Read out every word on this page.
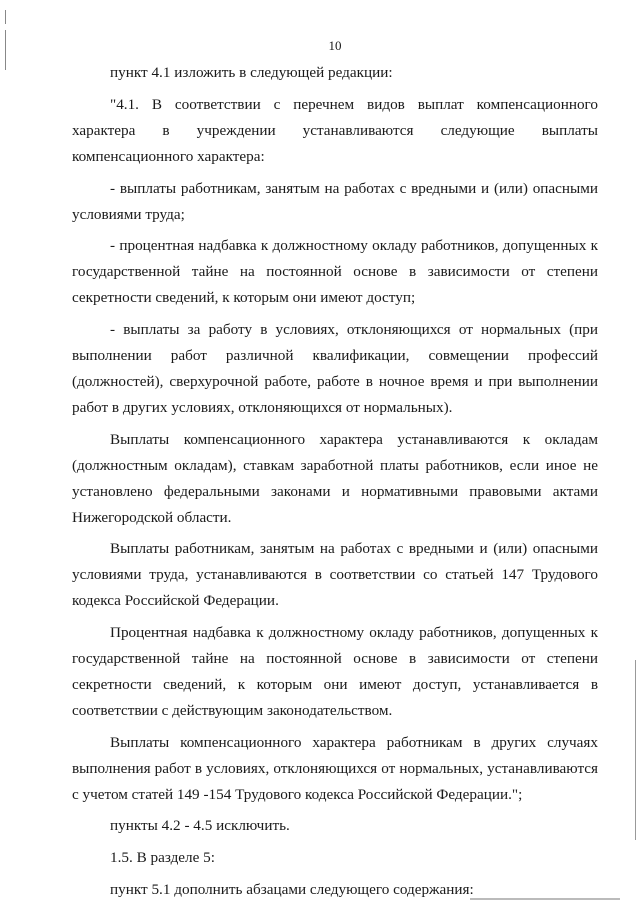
10

пункт 4.1 изложить в следующей редакции:

"4.1. В соответствии с перечнем видов выплат компенсационного характера в учреждении устанавливаются следующие выплаты компенсационного характера:

- выплаты работникам, занятым на работах с вредными и (или) опасными условиями труда;

- процентная надбавка к должностному окладу работников, допущенных к государственной тайне на постоянной основе в зависимости от степени секретности сведений, к которым они имеют доступ;

- выплаты за работу в условиях, отклоняющихся от нормальных (при выполнении работ различной квалификации, совмещении профессий (должностей), сверхурочной работе, работе в ночное время и при выполнении работ в других условиях, отклоняющихся от нормальных).

Выплаты компенсационного характера устанавливаются к окладам (должностным окладам), ставкам заработной платы работников, если иное не установлено федеральными законами и нормативными правовыми актами Нижегородской области.

Выплаты работникам, занятым на работах с вредными и (или) опасными условиями труда, устанавливаются в соответствии со статьей 147 Трудового кодекса Российской Федерации.

Процентная надбавка к должностному окладу работников, допущенных к государственной тайне на постоянной основе в зависимости от степени секретности сведений, к которым они имеют доступ, устанавливается в соответствии с действующим законодательством.

Выплаты компенсационного характера работникам в других случаях выполнения работ в условиях, отклоняющихся от нормальных, устанавливаются с учетом статей 149 -154 Трудового кодекса Российской Федерации.";

пункты 4.2 - 4.5 исключить.

1.5. В разделе 5:

пункт 5.1 дополнить абзацами следующего содержания:
